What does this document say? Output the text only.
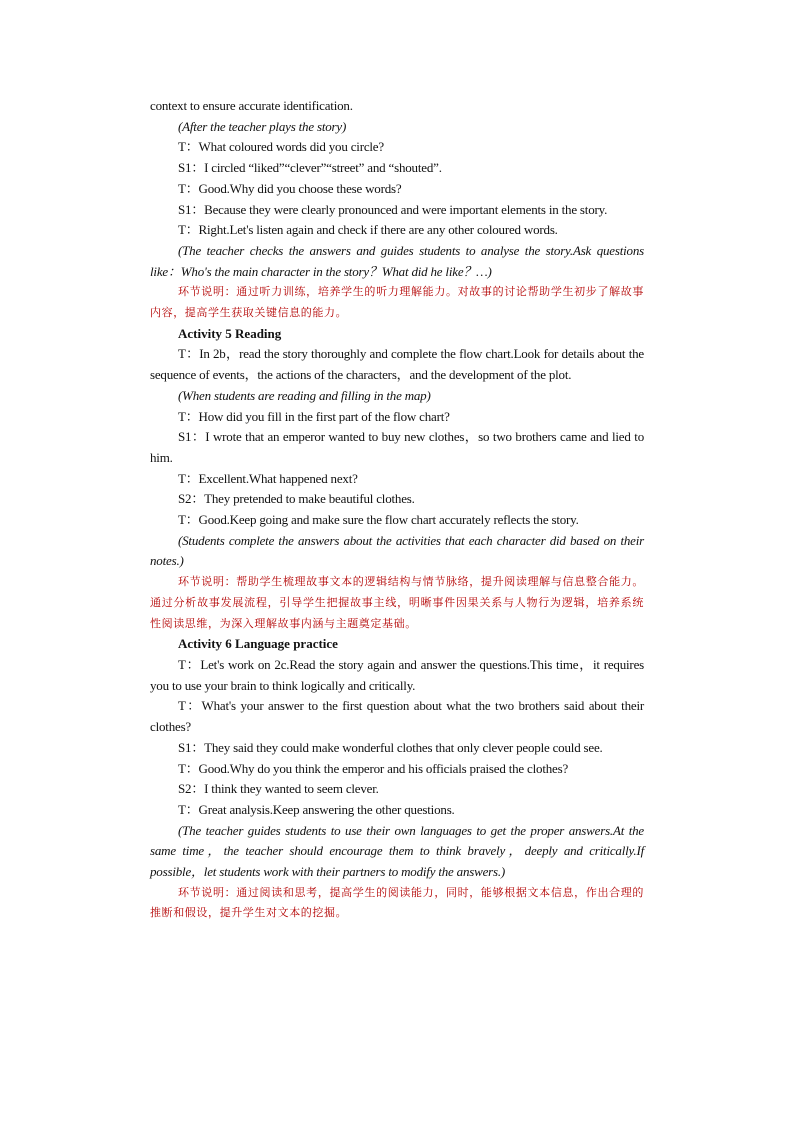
context to ensure accurate identification.

(After the teacher plays the story)

T：What coloured words did you circle?

S1：I circled “liked”“clever”“street” and “shouted”.

T：Good.Why did you choose these words?

S1：Because they were clearly pronounced and were important elements in the story.

T：Right.Let's listen again and check if there are any other coloured words.

(The teacher checks the answers and guides students to analyse the story.Ask questions like：Who's the main character in the story？What did he like？…)

环节说明：通过听力训练，培养学生的听力理解能力。对故事的讨论帮助学生初步了解故事内容，提高学生获取关键信息的能力。

Activity 5 Reading

T：In 2b，read the story thoroughly and complete the flow chart.Look for details about the sequence of events，the actions of the characters，and the development of the plot.

(When students are reading and filling in the map)

T：How did you fill in the first part of the flow chart?

S1：I wrote that an emperor wanted to buy new clothes，so two brothers came and lied to him.

T：Excellent.What happened next?

S2：They pretended to make beautiful clothes.

T：Good.Keep going and make sure the flow chart accurately reflects the story.

(Students complete the answers about the activities that each character did based on their notes.)

环节说明：帮助学生梳理故事文本的逻辑结构与情节脉络，提升阅读理解与信息整合能力。通过分析故事发展流程，引导学生把握故事主线，明晰事件因果关系与人物行为逻辑，培养系统性阅读思维，为深入理解故事内涵与主题奠定基础。

Activity 6 Language practice

T：Let's work on 2c.Read the story again and answer the questions.This time，it requires you to use your brain to think logically and critically.

T：What's your answer to the first question about what the two brothers said about their clothes?

S1：They said they could make wonderful clothes that only clever people could see.

T：Good.Why do you think the emperor and his officials praised the clothes?

S2：I think they wanted to seem clever.

T：Great analysis.Keep answering the other questions.

(The teacher guides students to use their own languages to get the proper answers.At the same time，the teacher should encourage them to think bravely，deeply and critically.If possible，let students work with their partners to modify the answers.)

环节说明：通过阅读和思考，提高学生的阅读能力，同时，能够根据文本信息，作出合理的推断和假设，提升学生对文本的挖掘。
